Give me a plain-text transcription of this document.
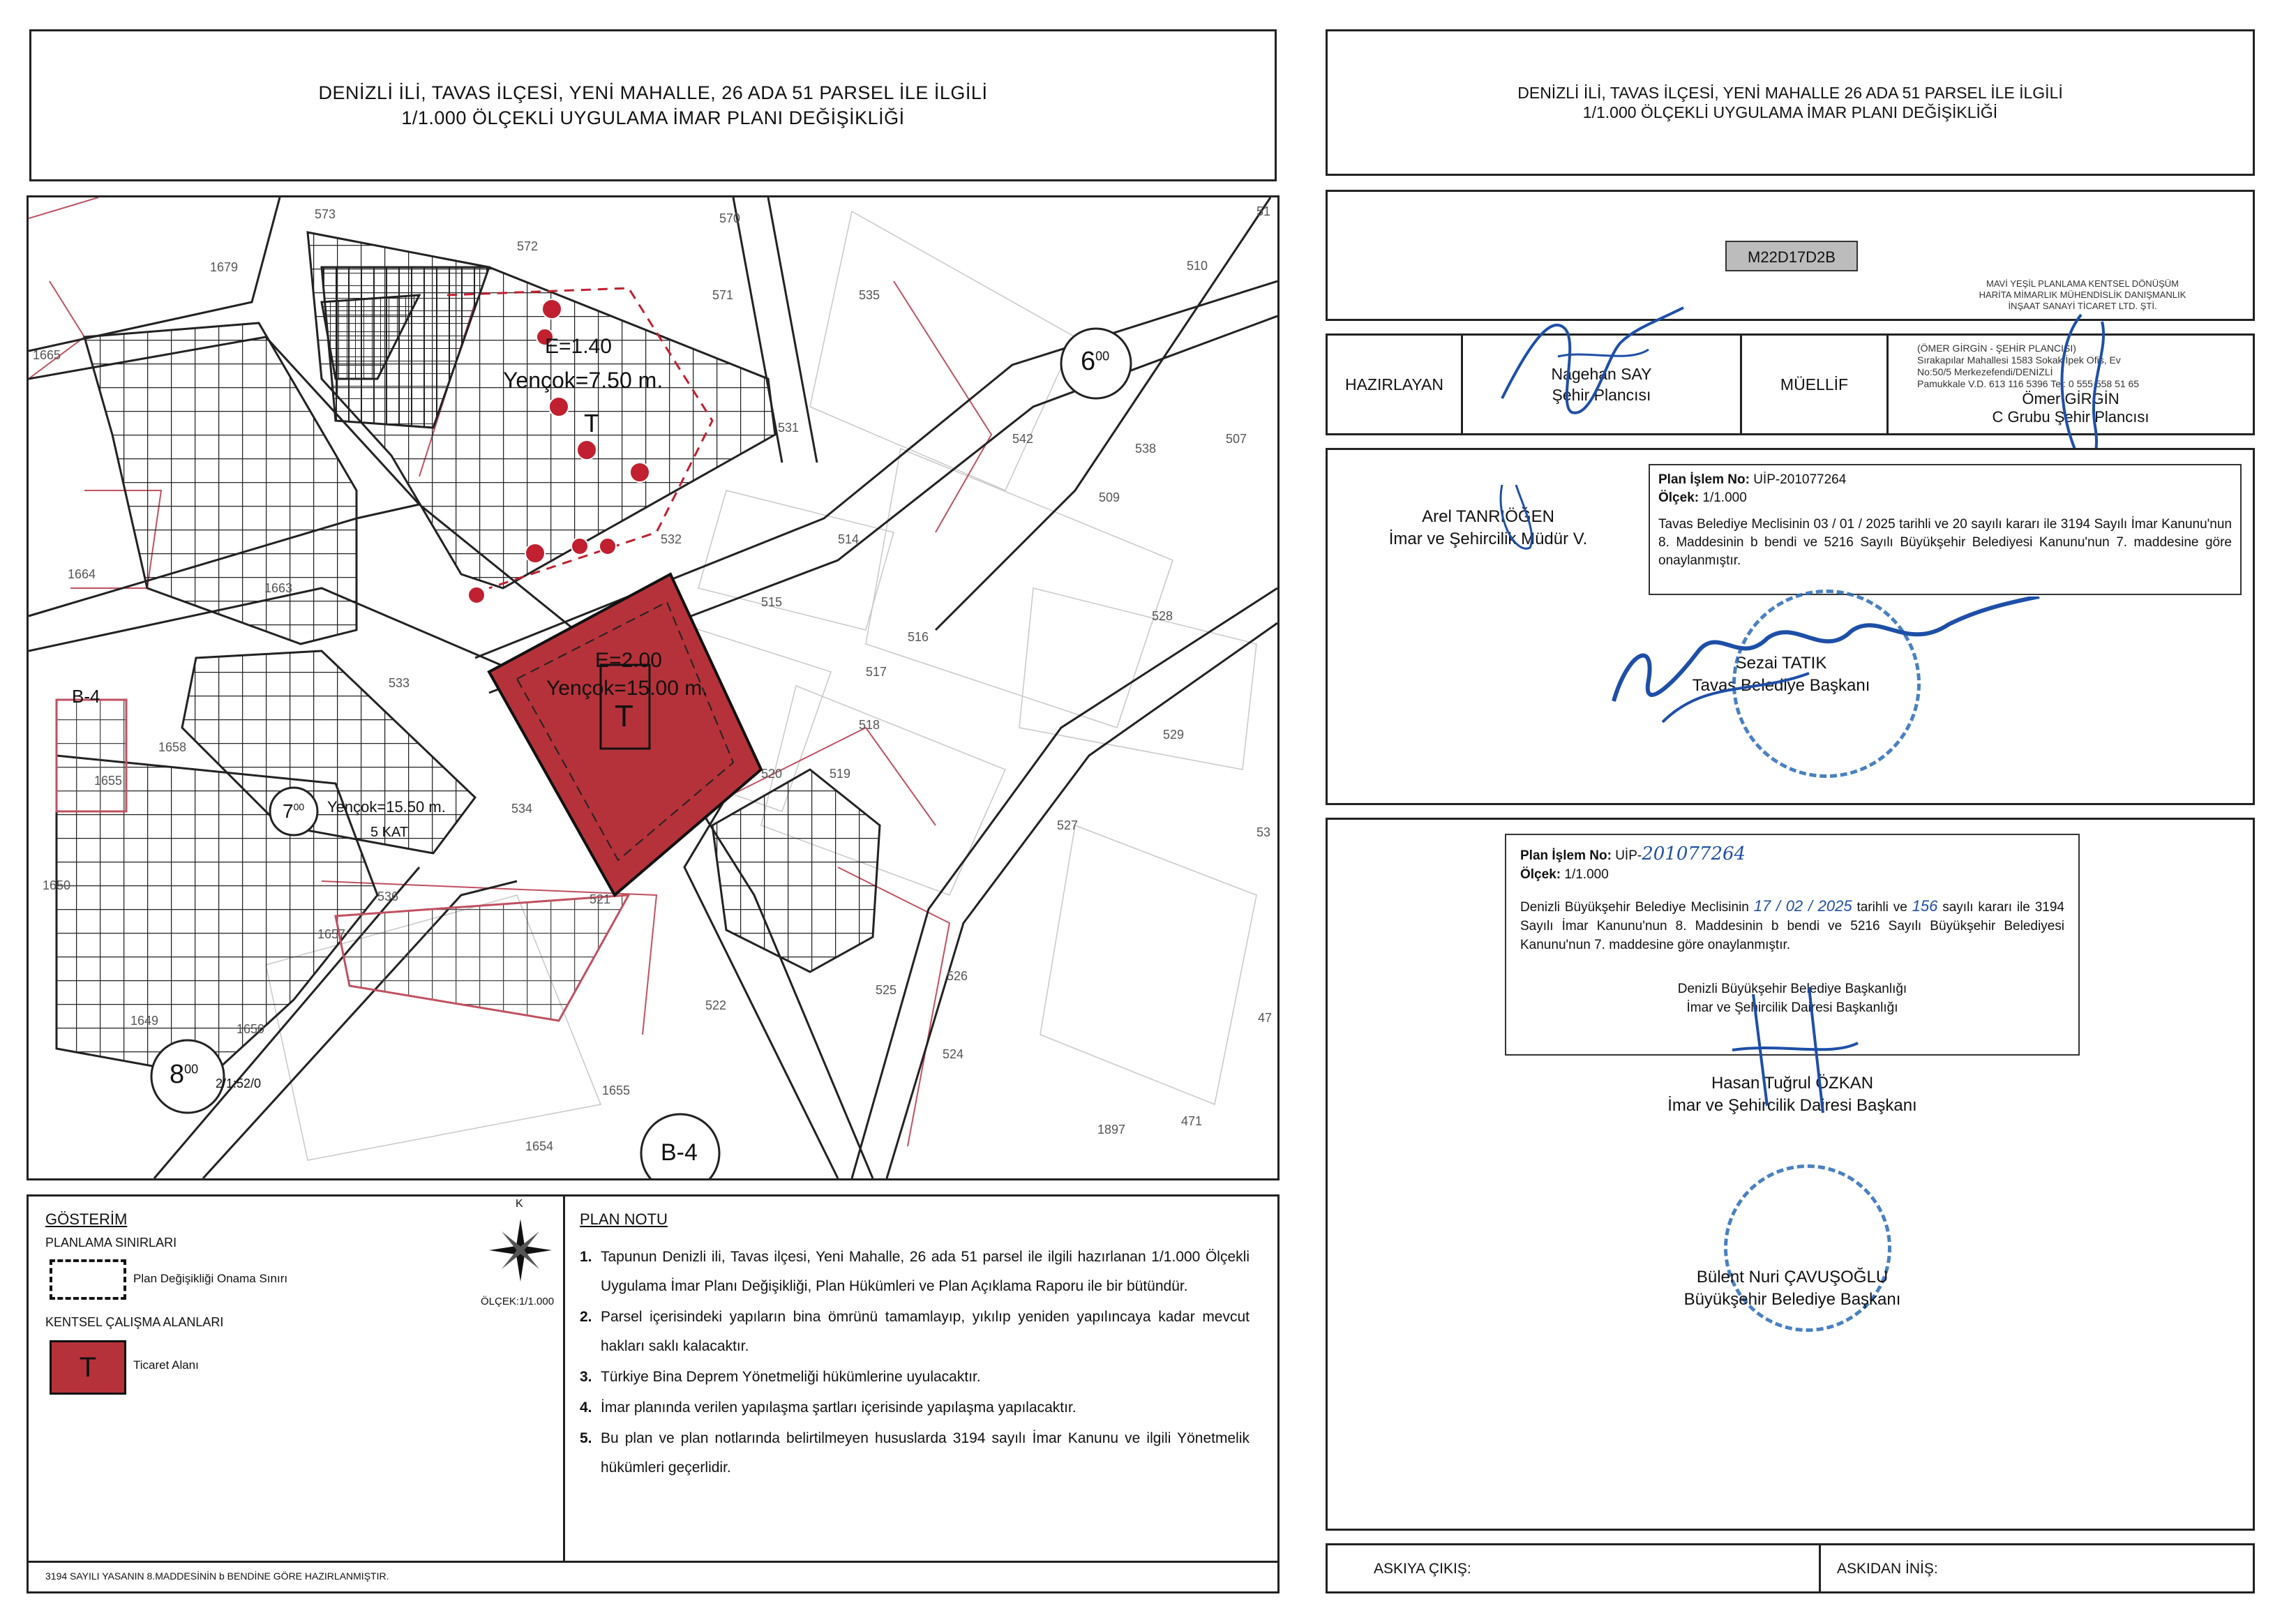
DENİZLİ İLİ, TAVAS İLÇESİ, YENİ MAHALLE, 26 ADA 51 PARSEL İLE İLGİLİ
1/1.000 ÖLÇEKLİ UYGULAMA İMAR PLANI DEĞİŞİKLİĞİ
E=1.40
Yençok=7.50 m.
T
E=2.00
Yençok=15.00 m.
T
Yençok=15.50 m.
5 KAT
$6^{00}$
$7^{00}$
$8^{00}$
2/1:52/0
B-4
B-4
573
572
570
1679
571	535
510
51
1665
531
532	514
542
538
507
509
1664
515
516
528
1663
517
518
529
533
1658
534
1655	520	519
1650
536	521
527	53
1657
526
522
525
1649
1650
524
1655
471
1654
1897
47
GÖSTERİM
PLANLAMA SINIRLARI
Plan Değişikliği Onama Sınırı
KENTSEL ÇALIŞMA ALANLARI
T	Ticaret Alanı
K
ÖLÇEK:1/1.000
PLAN NOTU
1. Tapunun Denizli ili, Tavas ilçesi, Yeni Mahalle, 26 ada 51 parsel ile ilgili hazırlanan 1/1.000 Ölçekli Uygulama İmar Planı Değişikliği, Plan Hükümleri ve Plan Açıklama Raporu ile bir bütündür.
2. Parsel içerisindeki yapıların bina ömrünü tamamlayıp, yıkılıp yeniden yapılıncaya kadar mevcut hakları saklı kalacaktır.
3. Türkiye Bina Deprem Yönetmeliği hükümlerine uyulacaktır.
4. İmar planında verilen yapılaşma şartları içerisinde yapılaşma yapılacaktır.
5. Bu plan ve plan notlarında belirtilmeyen hususlarda 3194 sayılı İmar Kanunu ve ilgili Yönetmelik hükümleri geçerlidir.
3194 SAYILI YASANIN 8.MADDESİNİN b BENDİNE GÖRE HAZIRLANMIŞTIR.
DENİZLİ İLİ, TAVAS İLÇESİ, YENİ MAHALLE 26 ADA 51 PARSEL İLE İLGİLİ
1/1.000 ÖLÇEKLİ UYGULAMA İMAR PLANI DEĞİŞİKLİĞİ
M22D17D2B
MAVİ YEŞİL PLANLAMA KENTSEL DÖNÜŞÜM
HARİTA MİMARLIK MÜHENDİSLİK DANIŞMANLIK
İNŞAAT SANAYİ TİCARET LTD. ŞTİ.
HAZIRLAYAN
Nagehan SAY
Şehir Plancısı
MÜELLİF
(ÖMER GİRGİN - ŞEHİR PLANCISI)
Sırakapılar Mahallesi 1583 Sokak İpek Ofis, Ev
No:50/5 Merkezefendi/DENİZLİ
Pamukkale V.D. 613 116 5396 Tel: 0 555 558 51 65
Ömer GİRGİN
C Grubu Şehir Plancısı
Plan İşlem No: UİP-201077264
Ölçek: 1/1.000
Tavas Belediye Meclisinin 03 / 01 / 2025 tarihli ve 20 sayılı kararı ile 3194 Sayılı İmar Kanunu'nun 8. Maddesinin b bendi ve 5216 Sayılı Büyükşehir Belediyesi Kanunu'nun 7. maddesine göre onaylanmıştır.
Arel TANRIÖĞEN
İmar ve Şehircilik Müdür V.
Sezai TATIK
Tavas Belediye Başkanı
Plan İşlem No: UİP-201077264
Ölçek: 1/1.000
Denizli Büyükşehir Belediye Meclisinin 17 / 02 / 2025 tarihli ve 156 sayılı kararı ile 3194 Sayılı İmar Kanunu'nun 8. Maddesinin b bendi ve 5216 Sayılı Büyükşehir Belediyesi Kanunu'nun 7. maddesine göre onaylanmıştır.
Denizli Büyükşehir Belediye Başkanlığı
İmar ve Şehircilik Dairesi Başkanlığı
Hasan Tuğrul ÖZKAN
İmar ve Şehircilik Dairesi Başkanı
Bülent Nuri ÇAVUŞOĞLU
Büyükşehir Belediye Başkanı
ASKIYA ÇIKIŞ:	ASKIDAN İNİŞ:
